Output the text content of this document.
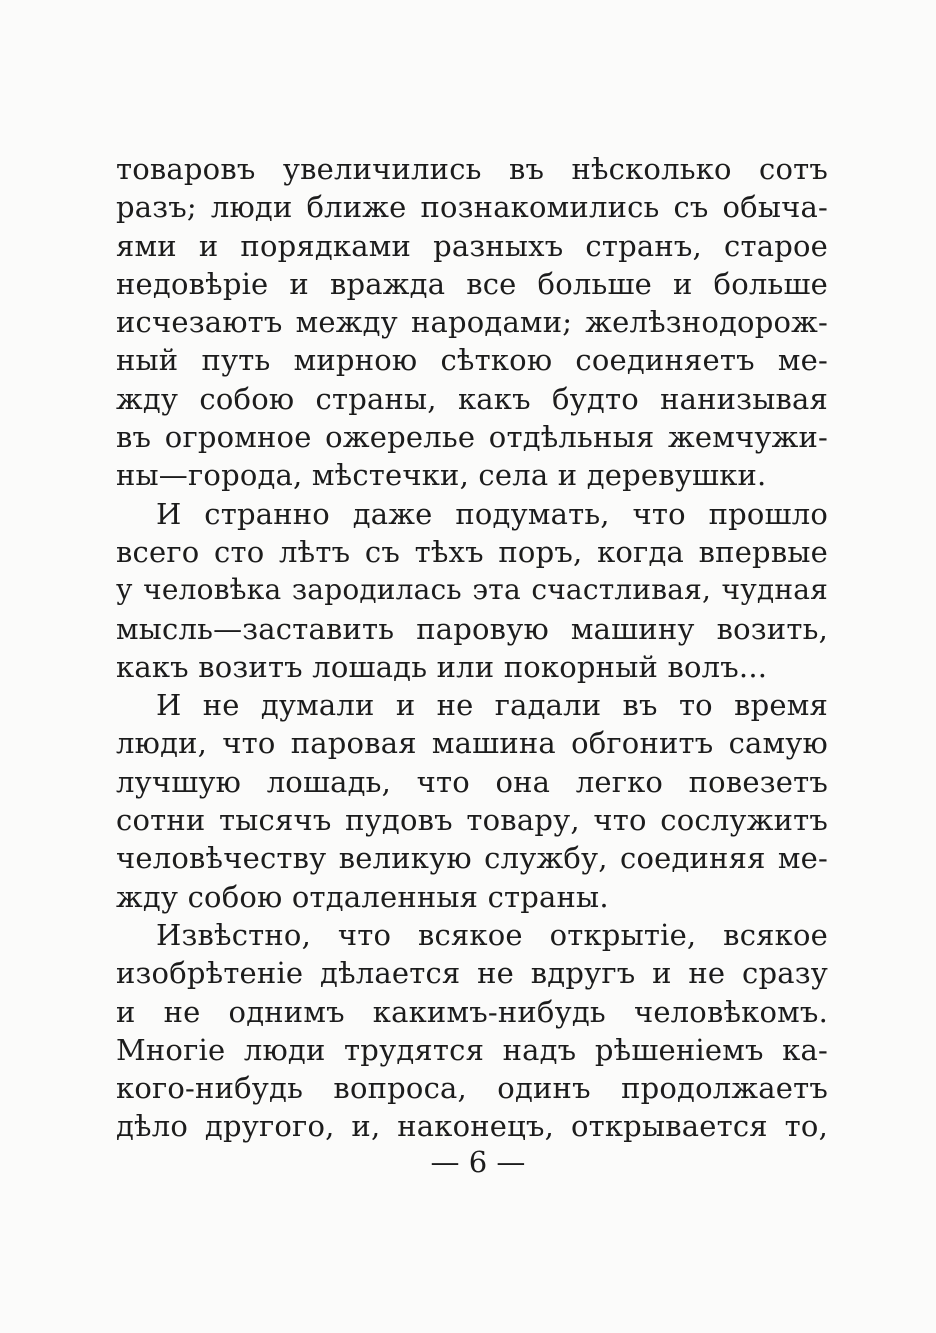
товаровъ увеличились въ нѣсколько сотъ
разъ; люди ближе познакомились съ обыча-
ями и порядками разныхъ странъ, старое
недовѣріе и вражда все больше и больше
исчезаютъ между народами; желѣзнодорож-
ный путь мирною сѣткою соединяетъ ме-
жду собою страны, какъ будто нанизывая
въ огромное ожерелье отдѣльныя жемчужи-
ны—города, мѣстечки, села и деревушки.
И странно даже подумать, что прошло
всего сто лѣтъ съ тѣхъ поръ, когда впервые
у человѣка зародилась эта счастливая, чудная
мысль—заставить паровую машину возить,
какъ возитъ лошадь или покорный волъ...
И не думали и не гадали въ то время
люди, что паровая машина обгонитъ самую
лучшую лошадь, что она легко повезетъ
сотни тысячъ пудовъ товару, что сослужитъ
человѣчеству великую службу, соединяя ме-
жду собою отдаленныя страны.
Извѣстно, что всякое открытіе, всякое
изобрѣтеніе дѣлается не вдругъ и не сразу
и не однимъ какимъ-нибудь человѣкомъ.
Многіе люди трудятся надъ рѣшеніемъ ка-
кого-нибудь вопроса, одинъ продолжаетъ
дѣло другого, и, наконецъ, открывается то,
— 6 —
